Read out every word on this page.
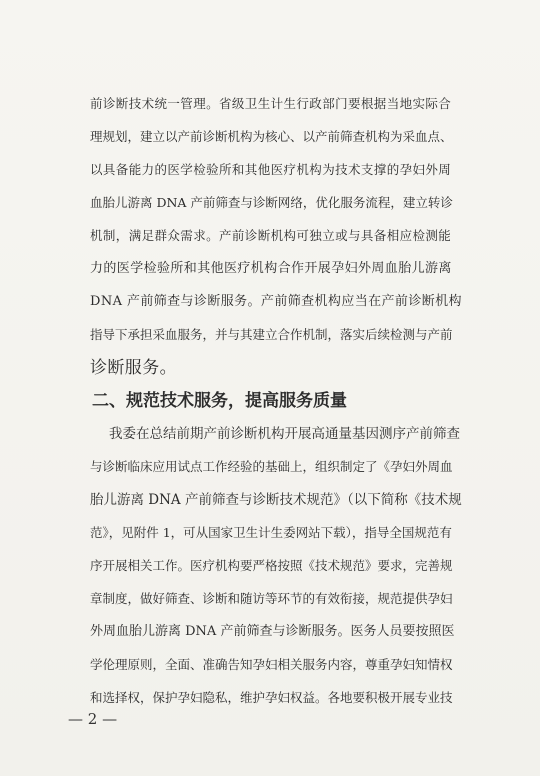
前诊断技术统一管理。省级卫生计生行政部门要根据当地实际合
理规划，建立以产前诊断机构为核心、以产前筛查机构为采血点、
以具备能力的医学检验所和其他医疗机构为技术支撑的孕妇外周
血胎儿游离 DNA 产前筛查与诊断网络，优化服务流程，建立转诊
机制，满足群众需求。产前诊断机构可独立或与具备相应检测能
力的医学检验所和其他医疗机构合作开展孕妇外周血胎儿游离
DNA 产前筛查与诊断服务。产前筛查机构应当在产前诊断机构
指导下承担采血服务，并与其建立合作机制，落实后续检测与产前
诊断服务。
二、规范技术服务，提高服务质量
我委在总结前期产前诊断机构开展高通量基因测序产前筛查
与诊断临床应用试点工作经验的基础上，组织制定了《孕妇外周血
胎儿游离 DNA 产前筛查与诊断技术规范》（以下简称《技术规
范》，见附件 1，可从国家卫生计生委网站下载），指导全国规范有
序开展相关工作。医疗机构要严格按照《技术规范》要求，完善规
章制度，做好筛查、诊断和随访等环节的有效衔接，规范提供孕妇
外周血胎儿游离 DNA 产前筛查与诊断服务。医务人员要按照医
学伦理原则，全面、准确告知孕妇相关服务内容，尊重孕妇知情权
和选择权，保护孕妇隐私，维护孕妇权益。各地要积极开展专业技
— 2 —
